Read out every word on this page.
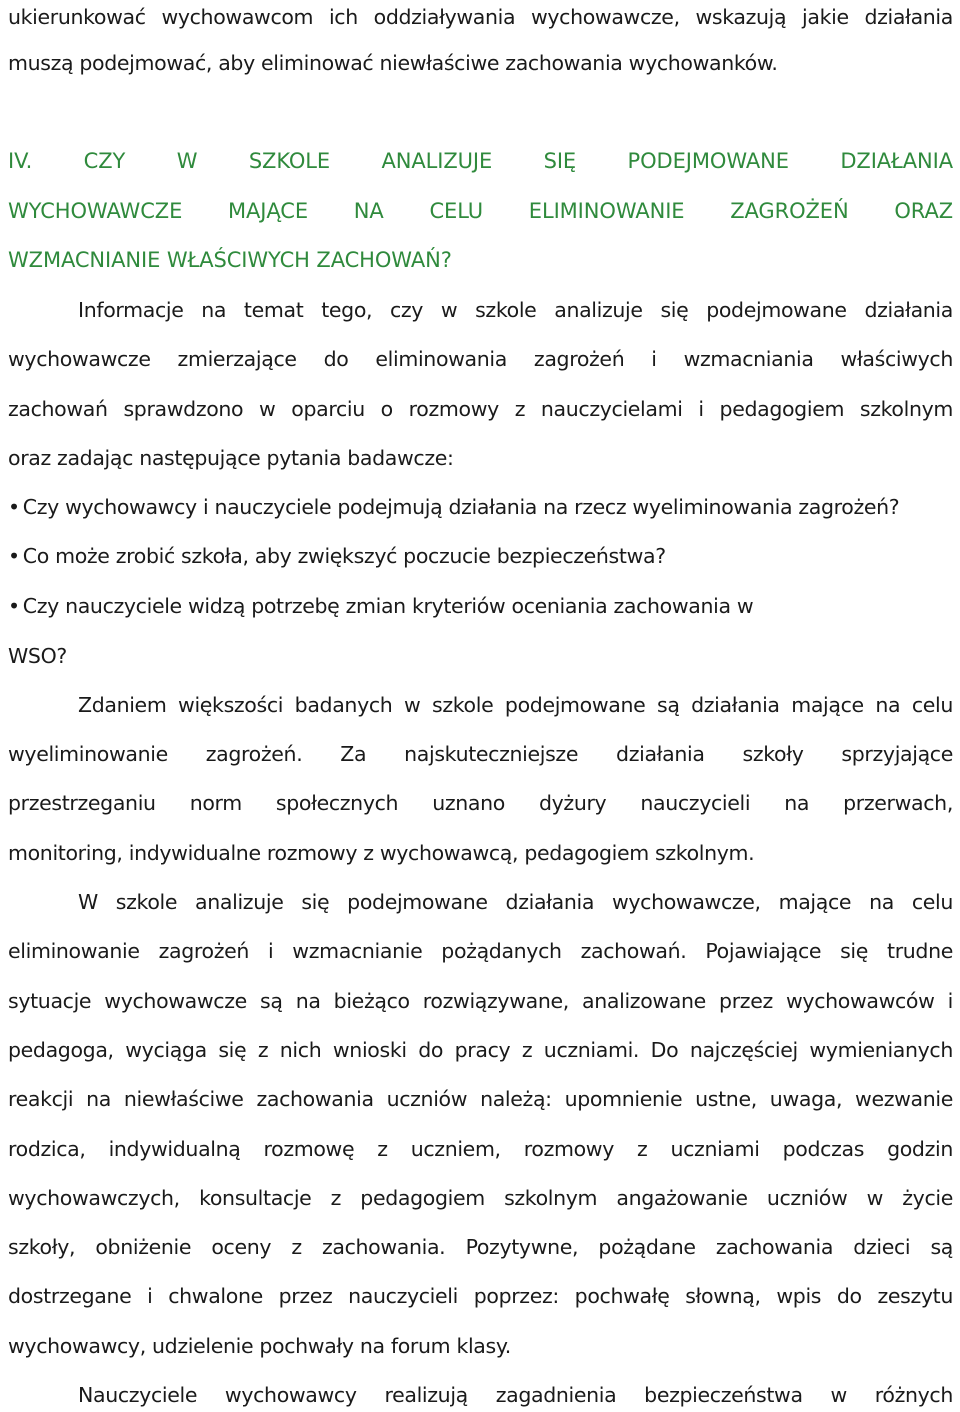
ukierunkować wychowawcom ich oddziaływania wychowawcze, wskazują jakie działania
muszą podejmować, aby eliminować niewłaściwe zachowania wychowanków.
IV. CZY W SZKOLE ANALIZUJE SIĘ PODEJMOWANE DZIAŁANIA
WYCHOWAWCZE MAJĄCE NA CELU ELIMINOWANIE ZAGROŻEŃ ORAZ
WZMACNIANIE WŁAŚCIWYCH ZACHOWAŃ?
Informacje na temat tego, czy w szkole analizuje się podejmowane działania
wychowawcze zmierzające do eliminowania zagrożeń i wzmacniania właściwych
zachowań sprawdzono w oparciu o rozmowy z nauczycielami i pedagogiem szkolnym
oraz zadając następujące pytania badawcze:
• Czy wychowawcy i nauczyciele podejmują działania na rzecz wyeliminowania zagrożeń?
• Co może zrobić szkoła, aby zwiększyć poczucie bezpieczeństwa?
• Czy nauczyciele widzą potrzebę zmian kryteriów oceniania zachowania w
WSO?
Zdaniem większości badanych w szkole podejmowane są działania mające na celu
wyeliminowanie zagrożeń. Za najskuteczniejsze działania szkoły sprzyjające
przestrzeganiu norm społecznych uznano dyżury nauczycieli na przerwach,
monitoring, indywidualne rozmowy z wychowawcą, pedagogiem szkolnym.
W szkole analizuje się podejmowane działania wychowawcze, mające na celu
eliminowanie zagrożeń i wzmacnianie pożądanych zachowań. Pojawiające się trudne
sytuacje wychowawcze są na bieżąco rozwiązywane, analizowane przez wychowawców i
pedagoga, wyciąga się z nich wnioski do pracy z uczniami. Do najczęściej wymienianych
reakcji na niewłaściwe zachowania uczniów należą: upomnienie ustne, uwaga, wezwanie
rodzica, indywidualną rozmowę z uczniem, rozmowy z uczniami podczas godzin
wychowawczych, konsultacje z pedagogiem szkolnym angażowanie uczniów w życie
szkoły, obniżenie oceny z zachowania. Pozytywne, pożądane zachowania dzieci są
dostrzegane i chwalone przez nauczycieli poprzez: pochwałę słowną, wpis do zeszytu
wychowawcy, udzielenie pochwały na forum klasy.
Nauczyciele wychowawcy realizują zagadnienia bezpieczeństwa w różnych
